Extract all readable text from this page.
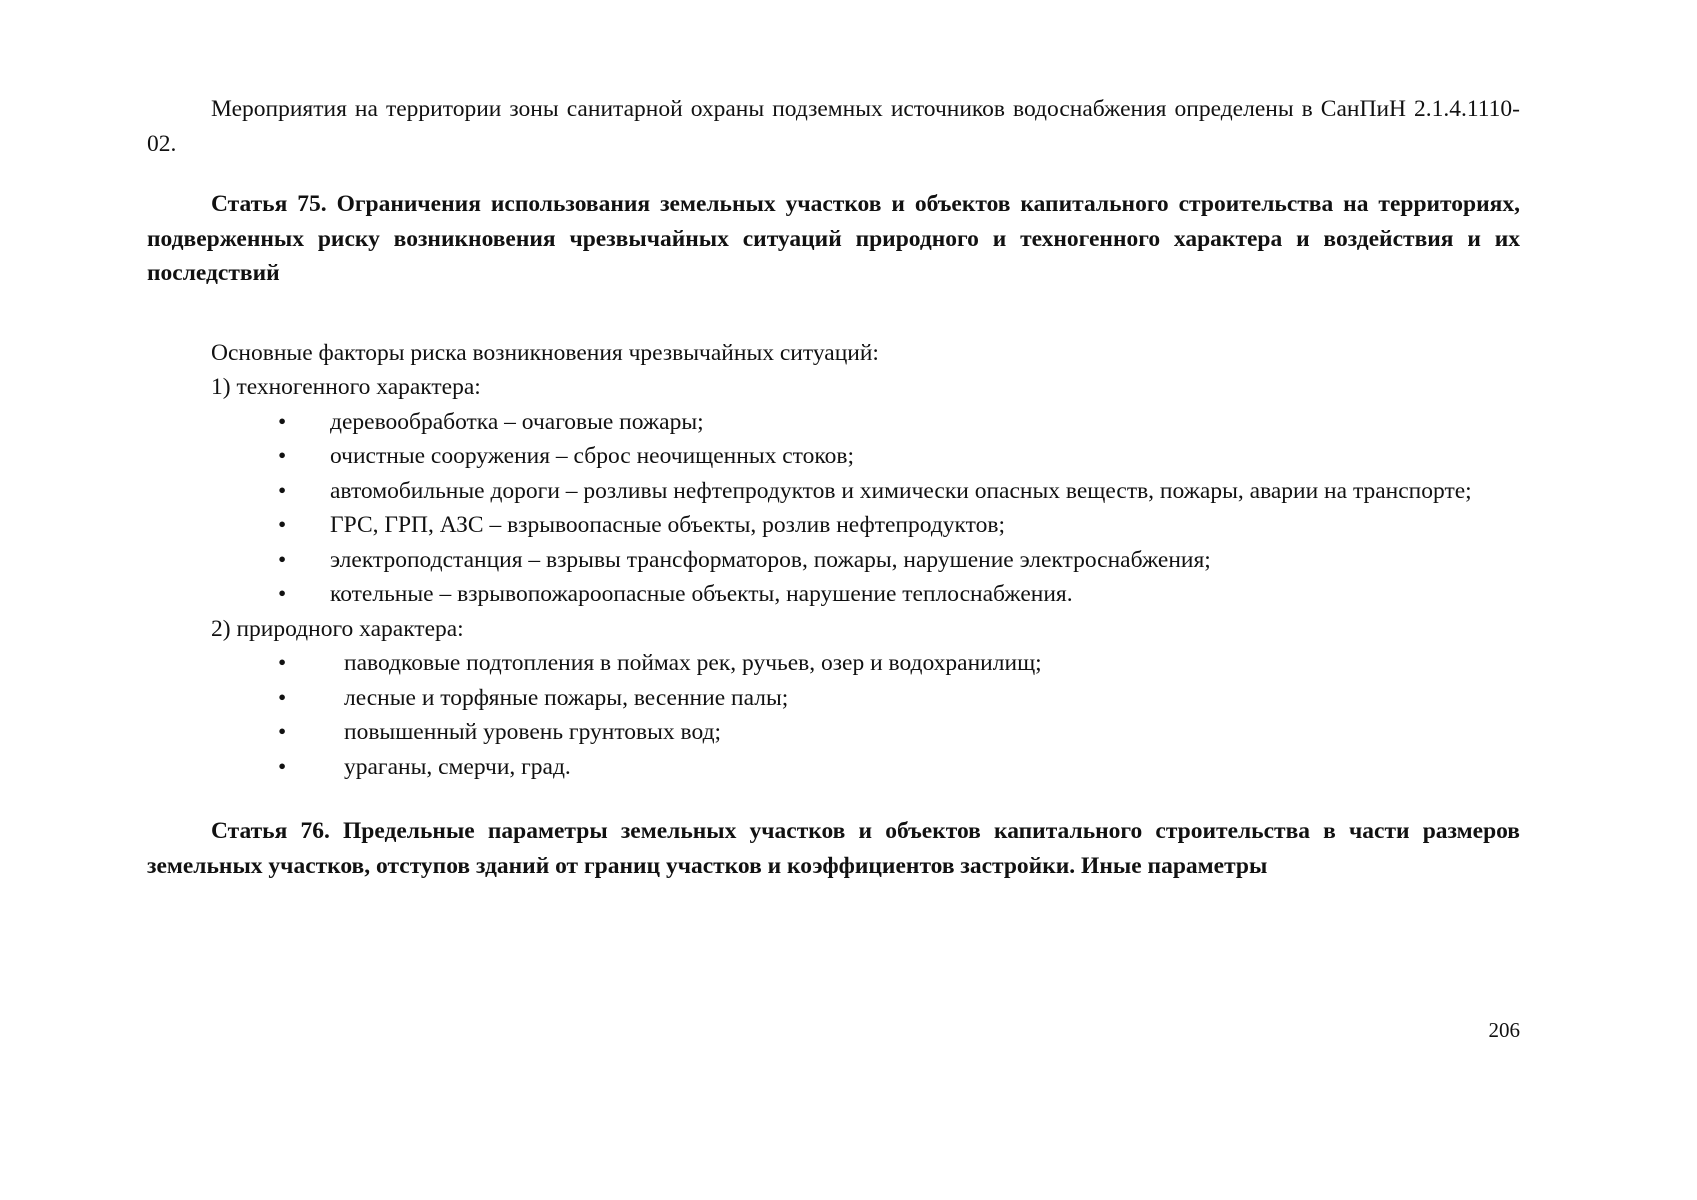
Мероприятия на территории зоны санитарной охраны подземных источников водоснабжения определены в СанПиН 2.1.4.1110-02.

Статья 75. Ограничения использования земельных участков и объектов капитального строительства на территориях, подверженных риску возникновения чрезвычайных ситуаций природного и техногенного характера и воздействия и их последствий

Основные факторы риска возникновения чрезвычайных ситуаций:

1) техногенного характера:

• деревообработка – очаговые пожары;
• очистные сооружения – сброс неочищенных стоков;
• автомобильные дороги – розливы нефтепродуктов и химически опасных веществ, пожары, аварии на транспорте;
• ГРС, ГРП, АЗС – взрывоопасные объекты, розлив нефтепродуктов;
• электроподстанция – взрывы трансформаторов, пожары, нарушение электроснабжения;
• котельные – взрывопожароопасные объекты, нарушение теплоснабжения.

2) природного характера:

• паводковые подтопления в поймах рек, ручьев, озер и водохранилищ;
• лесные и торфяные пожары, весенние палы;
• повышенный уровень грунтовых вод;
• ураганы, смерчи, град.

Статья 76. Предельные параметры земельных участков и объектов капитального строительства в части размеров земельных участков, отступов зданий от границ участков и коэффициентов застройки. Иные параметры

206
